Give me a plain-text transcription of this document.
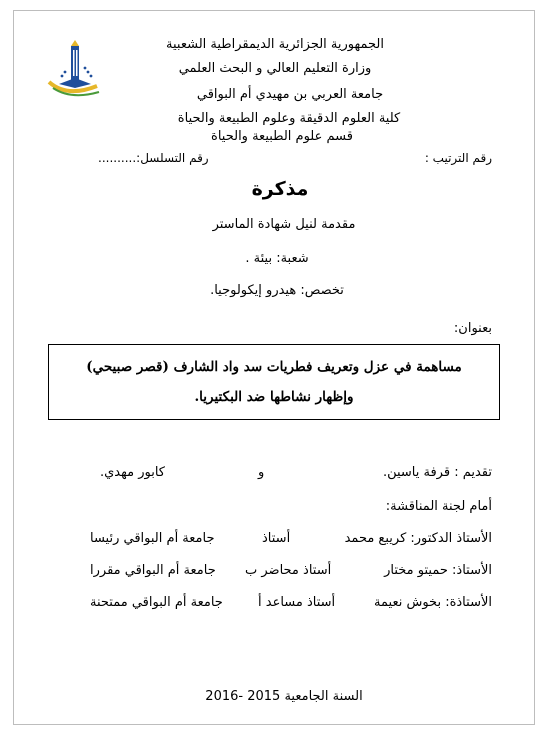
الجمهورية الجزائرية الديمقراطية الشعبية
وزارة التعليم العالي و البحث العلمي
جامعة العربي بن مهيدي أم البواقي
كلية العلوم الدقيقة وعلوم الطبيعة والحياة
قسم علوم الطبيعة والحياة
رقم الترتيب :
رقم التسلسل:..........
مذكرة
مقدمة لنيل شهادة الماستر
شعبة: بيئة .
تخصص: هيدرو إيكولوجيا.
بعنوان:
مساهمة في عزل وتعريف فطريات سد واد الشارف (قصر صبيحي)
وإظهار نشاطها ضد البكتيريا.
تقديم : قرفة ياسين.
و
كابور مهدي.
أمام لجنة المناقشة:
الأستاذ الدكتور: كريبع محمد
أستاذ
جامعة أم البواقي رئيسا
الأستاذ: حميتو مختار
أستاذ محاضر ب
جامعة أم البواقي مقررا
الأستاذة: بخوش نعيمة
أستاذ مساعد أ
جامعة أم البواقي ممتحنة
السنة الجامعية 2015 -2016
